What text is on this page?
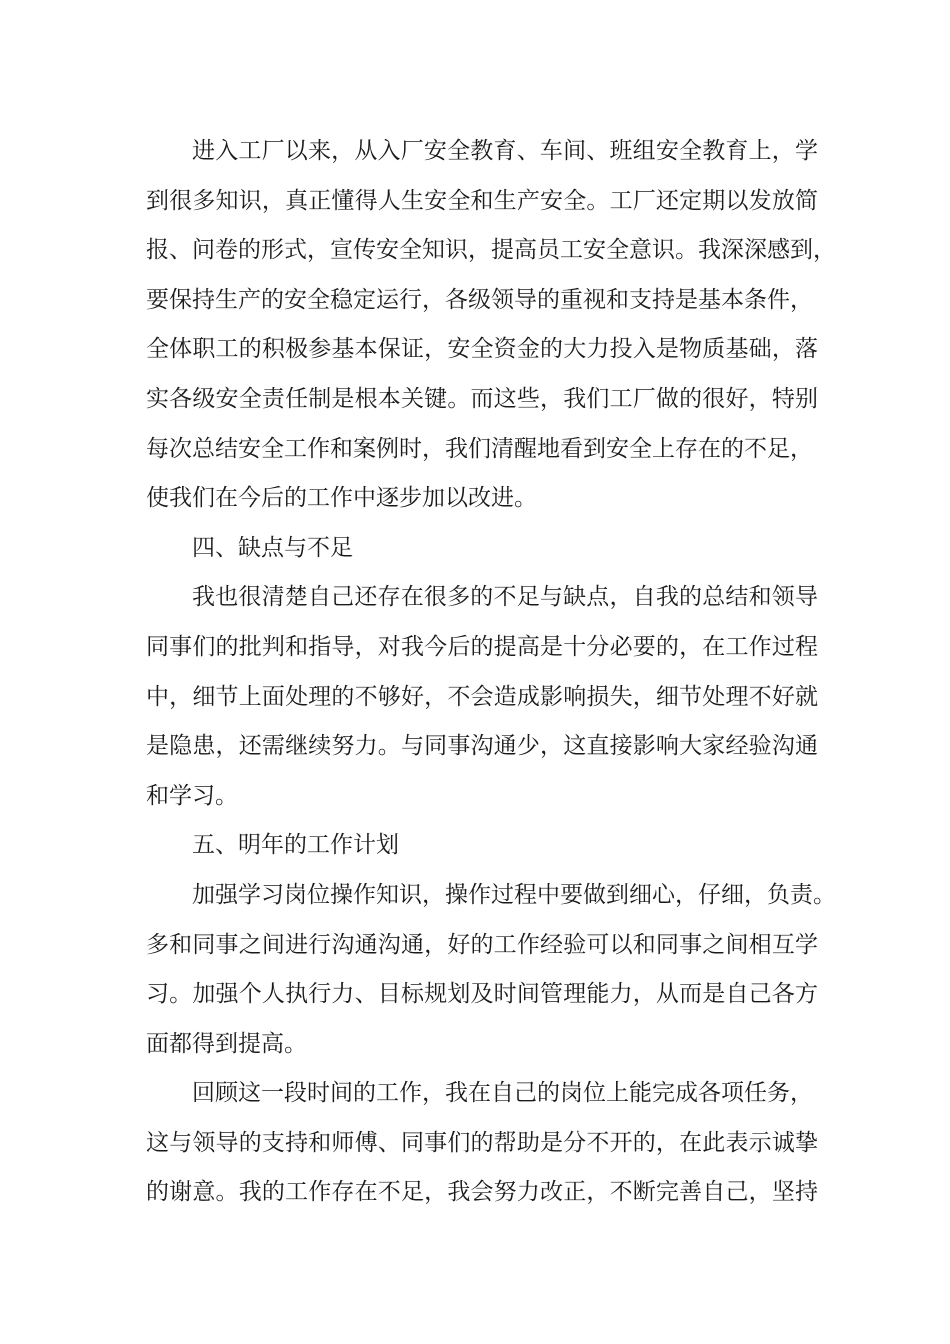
进入工厂以来，从入厂安全教育、车间、班组安全教育上，学
到很多知识，真正懂得人生安全和生产安全。工厂还定期以发放简
报、问卷的形式，宣传安全知识，提高员工安全意识。我深深感到，
要保持生产的安全稳定运行，各级领导的重视和支持是基本条件，
全体职工的积极参基本保证，安全资金的大力投入是物质基础，落
实各级安全责任制是根本关键。而这些，我们工厂做的很好，特别
每次总结安全工作和案例时，我们清醒地看到安全上存在的不足，
使我们在今后的工作中逐步加以改进。
四、缺点与不足
我也很清楚自己还存在很多的不足与缺点，自我的总结和领导
同事们的批判和指导，对我今后的提高是十分必要的，在工作过程
中，细节上面处理的不够好，不会造成影响损失，细节处理不好就
是隐患，还需继续努力。与同事沟通少，这直接影响大家经验沟通
和学习。
五、明年的工作计划
加强学习岗位操作知识，操作过程中要做到细心，仔细，负责。
多和同事之间进行沟通沟通，好的工作经验可以和同事之间相互学
习。加强个人执行力、目标规划及时间管理能力，从而是自己各方
面都得到提高。
回顾这一段时间的工作，我在自己的岗位上能完成各项任务，
这与领导的支持和师傅、同事们的帮助是分不开的，在此表示诚挚
的谢意。我的工作存在不足，我会努力改正，不断完善自己，坚持
